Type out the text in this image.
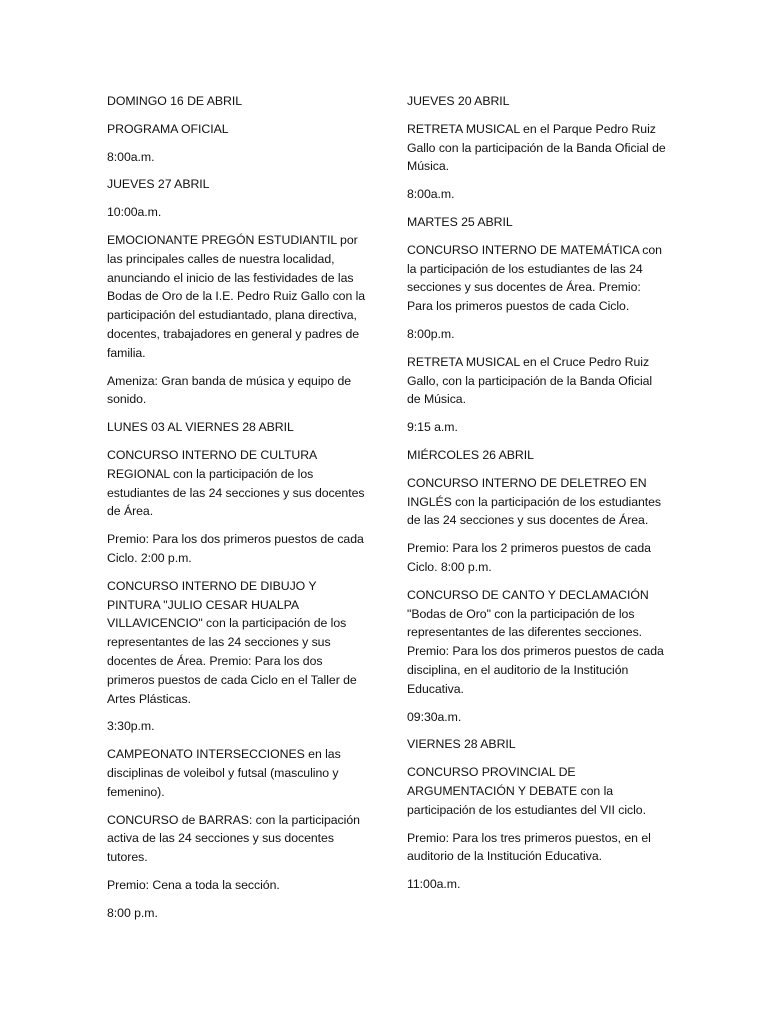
DOMINGO 16 DE ABRIL

PROGRAMA OFICIAL

8:00a.m.

JUEVES 27 ABRIL

10:00a.m.

EMOCIONANTE PREGÓN ESTUDIANTIL por las principales calles de nuestra localidad, anunciando el inicio de las festividades de las Bodas de Oro de la I.E. Pedro Ruiz Gallo con la participación del estudiantado, plana directiva, docentes, trabajadores en general y padres de familia.

Ameniza: Gran banda de música y equipo de sonido.

LUNES 03 AL VIERNES 28 ABRIL

CONCURSO INTERNO DE CULTURA REGIONAL con la participación de los estudiantes de las 24 secciones y sus docentes de Área.

Premio: Para los dos primeros puestos de cada Ciclo. 2:00 p.m.

CONCURSO INTERNO DE DIBUJO Y PINTURA "JULIO CESAR HUALPA VILLAVICENCIO" con la participación de los representantes de las 24 secciones y sus docentes de Área. Premio: Para los dos primeros puestos de cada Ciclo en el Taller de Artes Plásticas.

3:30p.m.

CAMPEONATO INTERSECCIONES en las disciplinas de voleibol y futsal (masculino y femenino).

CONCURSO de BARRAS: con la participación activa de las 24 secciones y sus docentes tutores.

Premio: Cena a toda la sección.

8:00 p.m.

JUEVES 20 ABRIL

RETRETA MUSICAL en el Parque Pedro Ruiz Gallo con la participación de la Banda Oficial de Música.

8:00a.m.

MARTES 25 ABRIL

CONCURSO INTERNO DE MATEMÁTICA con la participación de los estudiantes de las 24 secciones y sus docentes de Área. Premio: Para los primeros puestos de cada Ciclo.

8:00p.m.

RETRETA MUSICAL en el Cruce Pedro Ruiz Gallo, con la participación de la Banda Oficial de Música.

9:15 a.m.

MIÉRCOLES 26 ABRIL

CONCURSO INTERNO DE DELETREO EN INGLÉS con la participación de los estudiantes de las 24 secciones y sus docentes de Área.

Premio: Para los 2 primeros puestos de cada Ciclo. 8:00 p.m.

CONCURSO DE CANTO Y DECLAMACIÓN "Bodas de Oro" con la participación de los representantes de las diferentes secciones. Premio: Para los dos primeros puestos de cada disciplina, en el auditorio de la Institución Educativa.

09:30a.m.

VIERNES 28 ABRIL

CONCURSO PROVINCIAL DE ARGUMENTACIÓN Y DEBATE con la participación de los estudiantes del VII ciclo.

Premio: Para los tres primeros puestos, en el auditorio de la Institución Educativa.

11:00a.m.
